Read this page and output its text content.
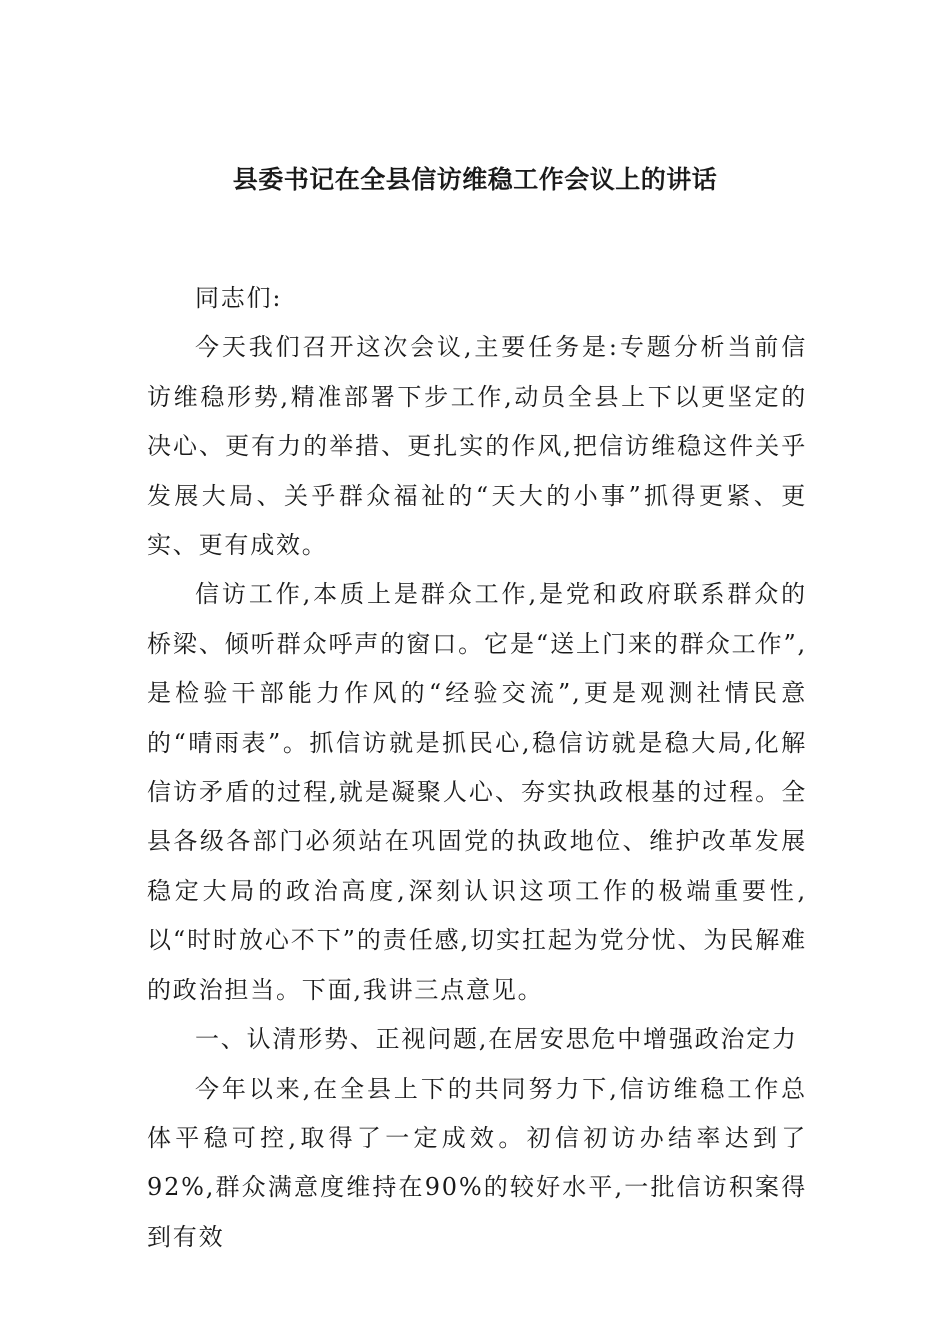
县委书记在全县信访维稳工作会议上的讲话

同志们:

今天我们召开这次会议,主要任务是:专题分析当前信访维稳形势,精准部署下步工作,动员全县上下以更坚定的决心、更有力的举措、更扎实的作风,把信访维稳这件关乎发展大局、关乎群众福祉的“天大的小事”抓得更紧、更实、更有成效。

信访工作,本质上是群众工作,是党和政府联系群众的桥梁、倾听群众呼声的窗口。它是“送上门来的群众工作”,是检验干部能力作风的“经验交流”,更是观测社情民意的“晴雨表”。抓信访就是抓民心,稳信访就是稳大局,化解信访矛盾的过程,就是凝聚人心、夯实执政根基的过程。全县各级各部门必须站在巩固党的执政地位、维护改革发展稳定大局的政治高度,深刻认识这项工作的极端重要性,以“时时放心不下”的责任感,切实扛起为党分忧、为民解难的政治担当。下面,我讲三点意见。

一、认清形势、正视问题,在居安思危中增强政治定力

今年以来,在全县上下的共同努力下,信访维稳工作总体平稳可控,取得了一定成效。初信初访办结率达到了92%,群众满意度维持在90%的较好水平,一批信访积案得到有效
